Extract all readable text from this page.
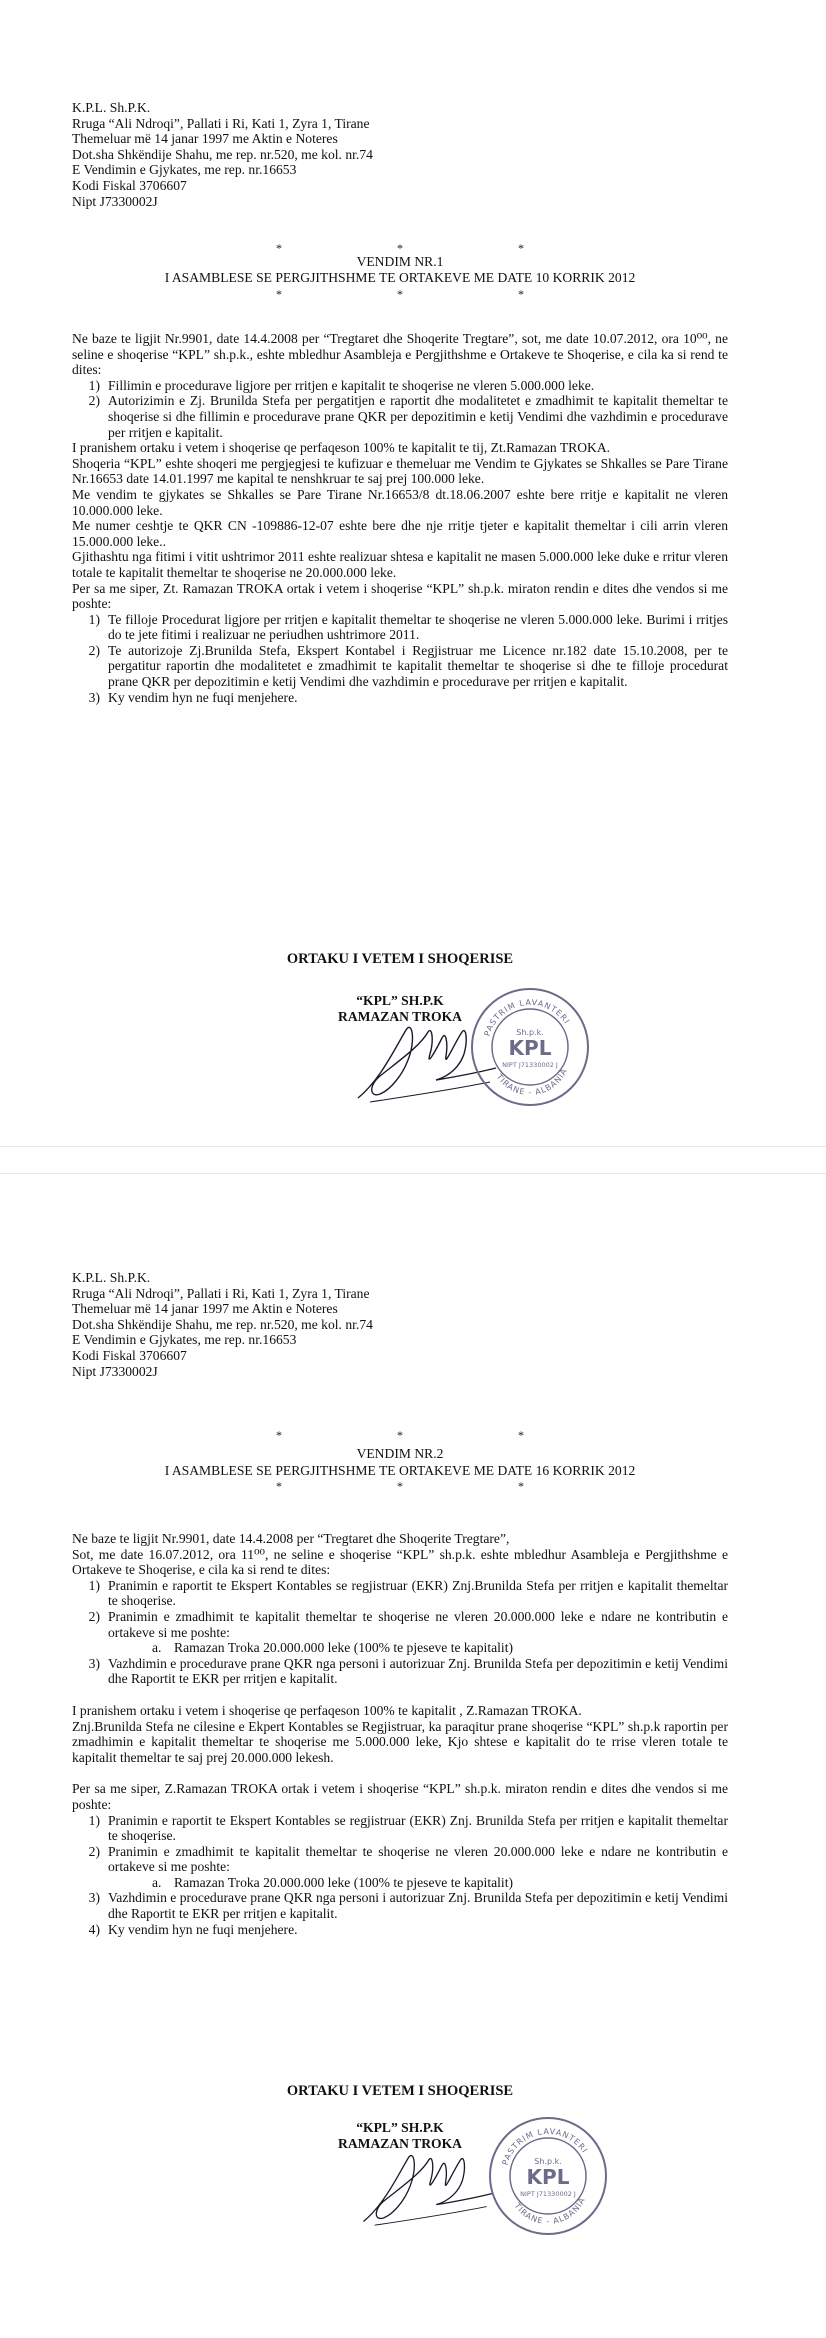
K.P.L. Sh.P.K.
Rruga “Ali Ndroqi”, Pallati i Ri, Kati 1, Zyra 1, Tirane
Themeluar më 14 janar 1997 me Aktin e Noteres
Dot.sha Shkëndije Shahu, me rep. nr.520, me kol. nr.74
E Vendimin e Gjykates, me rep. nr.16653
Kodi Fiskal 3706607
Nipt J7330002J
* * *
VENDIM NR.1
I ASAMBLESE SE PERGJITHSHME TE ORTAKEVE ME DATE 10 KORRIK 2012
* * *
Ne baze te ligjit Nr.9901, date 14.4.2008 per “Tregtaret dhe Shoqerite Tregtare”, sot, me date 10.07.2012, ora 10⁰⁰, ne seline e shoqerise “KPL” sh.p.k., eshte mbledhur Asambleja e Pergjithshme e Ortakeve te Shoqerise, e cila ka si rend te dites:
1) Fillimin e procedurave ligjore per rritjen e kapitalit te shoqerise ne vleren 5.000.000 leke.
2) Autorizimin e Zj. Brunilda Stefa per pergatitjen e raportit dhe modalitetet e zmadhimit te kapitalit themeltar te shoqerise si dhe fillimin e procedurave prane QKR per depozitimin e ketij Vendimi dhe vazhdimin e procedurave per rritjen e kapitalit.
I pranishem ortaku i vetem i shoqerise qe perfaqeson 100% te kapitalit te tij, Zt.Ramazan TROKA.
Shoqeria “KPL” eshte shoqeri me pergjegjesi te kufizuar e themeluar me Vendim te Gjykates se Shkalles se Pare Tirane Nr.16653 date 14.01.1997 me kapital te nenshkruar te saj prej 100.000 leke.
Me vendim te gjykates se Shkalles se Pare Tirane Nr.16653/8 dt.18.06.2007 eshte bere rritje e kapitalit ne vleren 10.000.000 leke.
Me numer ceshtje te QKR CN -109886-12-07 eshte bere dhe nje rritje tjeter e kapitalit themeltar i cili arrin vleren 15.000.000 leke..
Gjithashtu nga fitimi i vitit ushtrimor 2011 eshte realizuar shtesa e kapitalit ne masen 5.000.000 leke duke e rritur vleren totale te kapitalit themeltar te shoqerise ne 20.000.000 leke.
Per sa me siper, Zt. Ramazan TROKA ortak i vetem i shoqerise “KPL” sh.p.k. miraton rendin e dites dhe vendos si me poshte:
1) Te filloje Procedurat ligjore per rritjen e kapitalit themeltar te shoqerise ne vleren 5.000.000 leke. Burimi i rritjes do te jete fitimi i realizuar ne periudhen ushtrimore 2011.
2) Te autorizoje Zj.Brunilda Stefa, Ekspert Kontabel i Regjistruar me Licence nr.182 date 15.10.2008, per te pergatitur raportin dhe modalitetet e zmadhimit te kapitalit themeltar te shoqerise si dhe te filloje procedurat prane QKR per depozitimin e ketij Vendimi dhe vazhdimin e procedurave per rritjen e kapitalit.
3) Ky vendim hyn ne fuqi menjehere.
ORTAKU I VETEM I SHOQERISE
“KPL” SH.P.K
RAMAZAN TROKA
PASTRIM LAVANTERI
TIRANE - ALBANIA
Sh.p.k.
KPL
NIPT J71330002 J
K.P.L. Sh.P.K.
Rruga “Ali Ndroqi”, Pallati i Ri, Kati 1, Zyra 1, Tirane
Themeluar më 14 janar 1997 me Aktin e Noteres
Dot.sha Shkëndije Shahu, me rep. nr.520, me kol. nr.74
E Vendimin e Gjykates, me rep. nr.16653
Kodi Fiskal 3706607
Nipt J7330002J
* * *
VENDIM NR.2
I ASAMBLESE SE PERGJITHSHME TE ORTAKEVE ME DATE 16 KORRIK 2012
* * *
Ne baze te ligjit Nr.9901, date 14.4.2008 per “Tregtaret dhe Shoqerite Tregtare”,
Sot, me date 16.07.2012, ora 11⁰⁰, ne seline e shoqerise “KPL” sh.p.k. eshte mbledhur Asambleja e Pergjithshme e Ortakeve te Shoqerise, e cila ka si rend te dites:
1) Pranimin e raportit te Ekspert Kontables se regjistruar (EKR) Znj.Brunilda Stefa per rritjen e kapitalit themeltar te shoqerise.
2) Pranimin e zmadhimit te kapitalit themeltar te shoqerise ne vleren 20.000.000 leke e ndare ne kontributin e ortakeve si me poshte:
a. Ramazan Troka 20.000.000 leke (100% te pjeseve te kapitalit)
3) Vazhdimin e procedurave prane QKR nga personi i autorizuar Znj. Brunilda Stefa per depozitimin e ketij Vendimi dhe Raportit te EKR per rritjen e kapitalit.
I pranishem ortaku i vetem i shoqerise qe perfaqeson 100% te kapitalit , Z.Ramazan TROKA.
Znj.Brunilda Stefa ne cilesine e Ekpert Kontables se Regjistruar, ka paraqitur prane shoqerise “KPL” sh.p.k raportin per zmadhimin e kapitalit themeltar te shoqerise me 5.000.000 leke, Kjo shtese e kapitalit do te rrise vleren totale te kapitalit themeltar te saj prej 20.000.000 lekesh.
Per sa me siper, Z.Ramazan TROKA ortak i vetem i shoqerise “KPL” sh.p.k. miraton rendin e dites dhe vendos si me poshte:
1) Pranimin e raportit te Ekspert Kontables se regjistruar (EKR) Znj. Brunilda Stefa per rritjen e kapitalit themeltar te shoqerise.
2) Pranimin e zmadhimit te kapitalit themeltar te shoqerise ne vleren 20.000.000 leke e ndare ne kontributin e ortakeve si me poshte:
a. Ramazan Troka 20.000.000 leke (100% te pjeseve te kapitalit)
3) Vazhdimin e procedurave prane QKR nga personi i autorizuar Znj. Brunilda Stefa per depozitimin e ketij Vendimi dhe Raportit te EKR per rritjen e kapitalit.
4) Ky vendim hyn ne fuqi menjehere.
ORTAKU I VETEM I SHOQERISE
“KPL” SH.P.K
RAMAZAN TROKA
PASTRIM LAVANTERI
TIRANE - ALBANIA
Sh.p.k.
KPL
NIPT J71330002 J
